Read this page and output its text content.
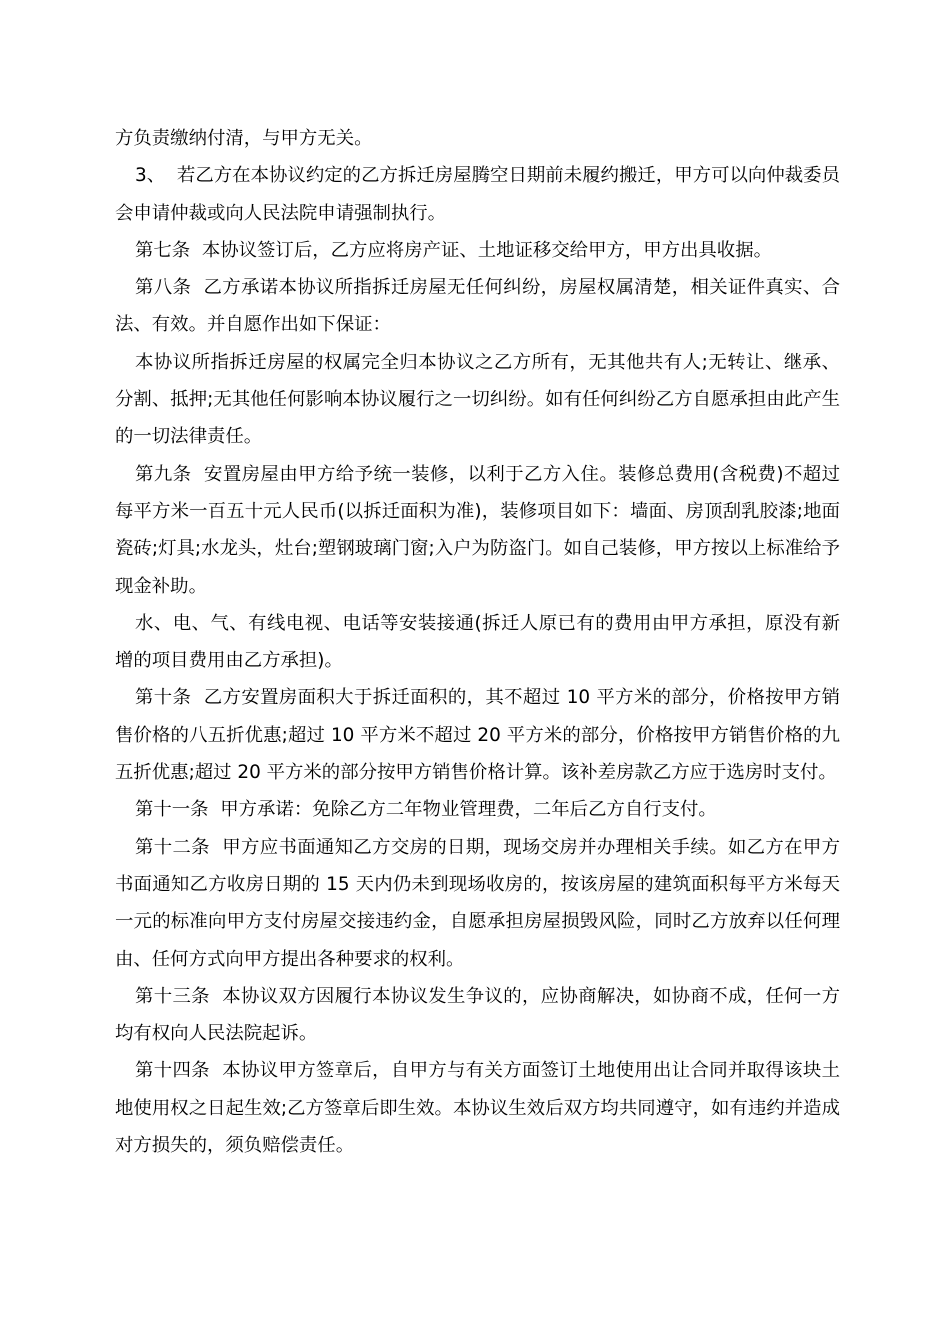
方负责缴纳付清，与甲方无关。

3、  若乙方在本协议约定的乙方拆迁房屋腾空日期前未履约搬迁，甲方可以向仲裁委员会申请仲裁或向人民法院申请强制执行。

第七条  本协议签订后，乙方应将房产证、土地证移交给甲方，甲方出具收据。

第八条  乙方承诺本协议所指拆迁房屋无任何纠纷，房屋权属清楚，相关证件真实、合法、有效。并自愿作出如下保证：

本协议所指拆迁房屋的权属完全归本协议之乙方所有，无其他共有人;无转让、继承、分割、抵押;无其他任何影响本协议履行之一切纠纷。如有任何纠纷乙方自愿承担由此产生的一切法律责任。

第九条  安置房屋由甲方给予统一装修，以利于乙方入住。装修总费用(含税费)不超过每平方米一百五十元人民币(以拆迁面积为准)，装修项目如下：墙面、房顶刮乳胶漆;地面瓷砖;灯具;水龙头，灶台;塑钢玻璃门窗;入户为防盗门。如自己装修，甲方按以上标准给予现金补助。

水、电、气、有线电视、电话等安装接通(拆迁人原已有的费用由甲方承担，原没有新增的项目费用由乙方承担)。

第十条  乙方安置房面积大于拆迁面积的，其不超过 10 平方米的部分，价格按甲方销售价格的八五折优惠;超过 10 平方米不超过 20 平方米的部分，价格按甲方销售价格的九五折优惠;超过 20 平方米的部分按甲方销售价格计算。该补差房款乙方应于选房时支付。

第十一条  甲方承诺：免除乙方二年物业管理费，二年后乙方自行支付。

第十二条  甲方应书面通知乙方交房的日期，现场交房并办理相关手续。如乙方在甲方书面通知乙方收房日期的 15 天内仍未到现场收房的，按该房屋的建筑面积每平方米每天一元的标准向甲方支付房屋交接违约金，自愿承担房屋损毁风险，同时乙方放弃以任何理由、任何方式向甲方提出各种要求的权利。

第十三条  本协议双方因履行本协议发生争议的，应协商解决，如协商不成，任何一方均有权向人民法院起诉。

第十四条  本协议甲方签章后，自甲方与有关方面签订土地使用出让合同并取得该块土地使用权之日起生效;乙方签章后即生效。本协议生效后双方均共同遵守，如有违约并造成对方损失的，须负赔偿责任。
